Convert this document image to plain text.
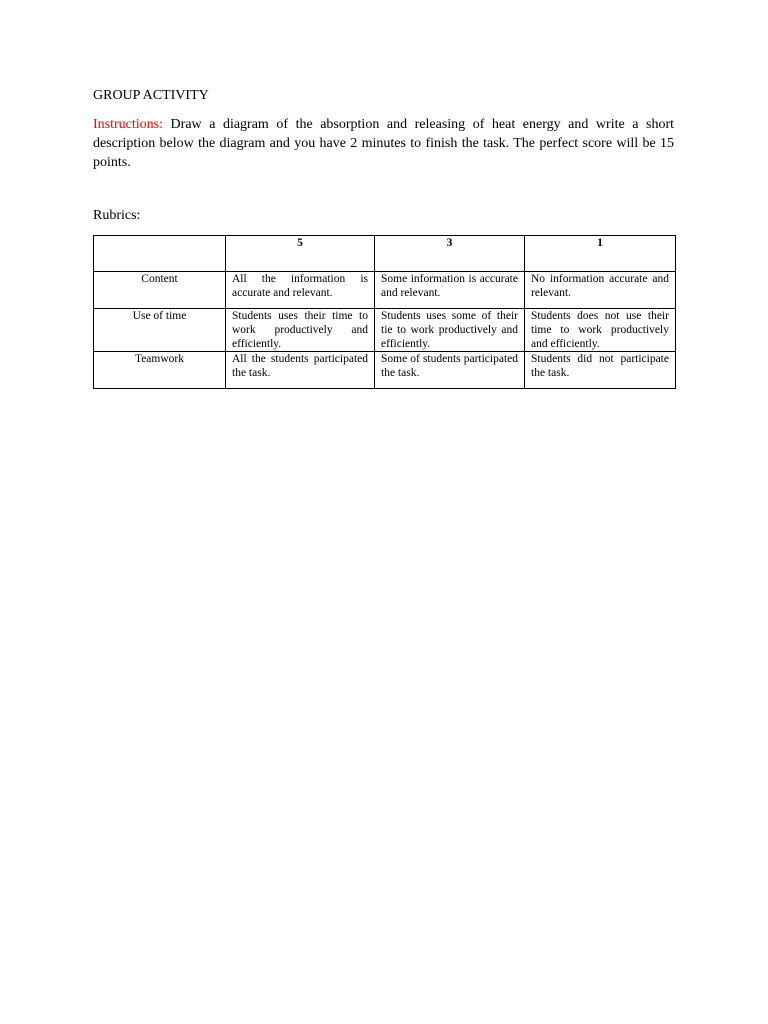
GROUP ACTIVITY
Instructions: Draw a diagram of the absorption and releasing of heat energy and write a short description below the diagram and you have 2 minutes to finish the task. The perfect score will be 15 points.
Rubrics:
	5	3	1
Content	All the information is accurate and relevant.	Some information is accurate and relevant.	No information accurate and relevant.
Use of time	Students uses their time to work productively and efficiently.	Students uses some of their tie to work productively and efficiently.	Students does not use their time to work productively and efficiently.
Teamwork	All the students participated the task.	Some of students participated the task.	Students did not participate the task.
